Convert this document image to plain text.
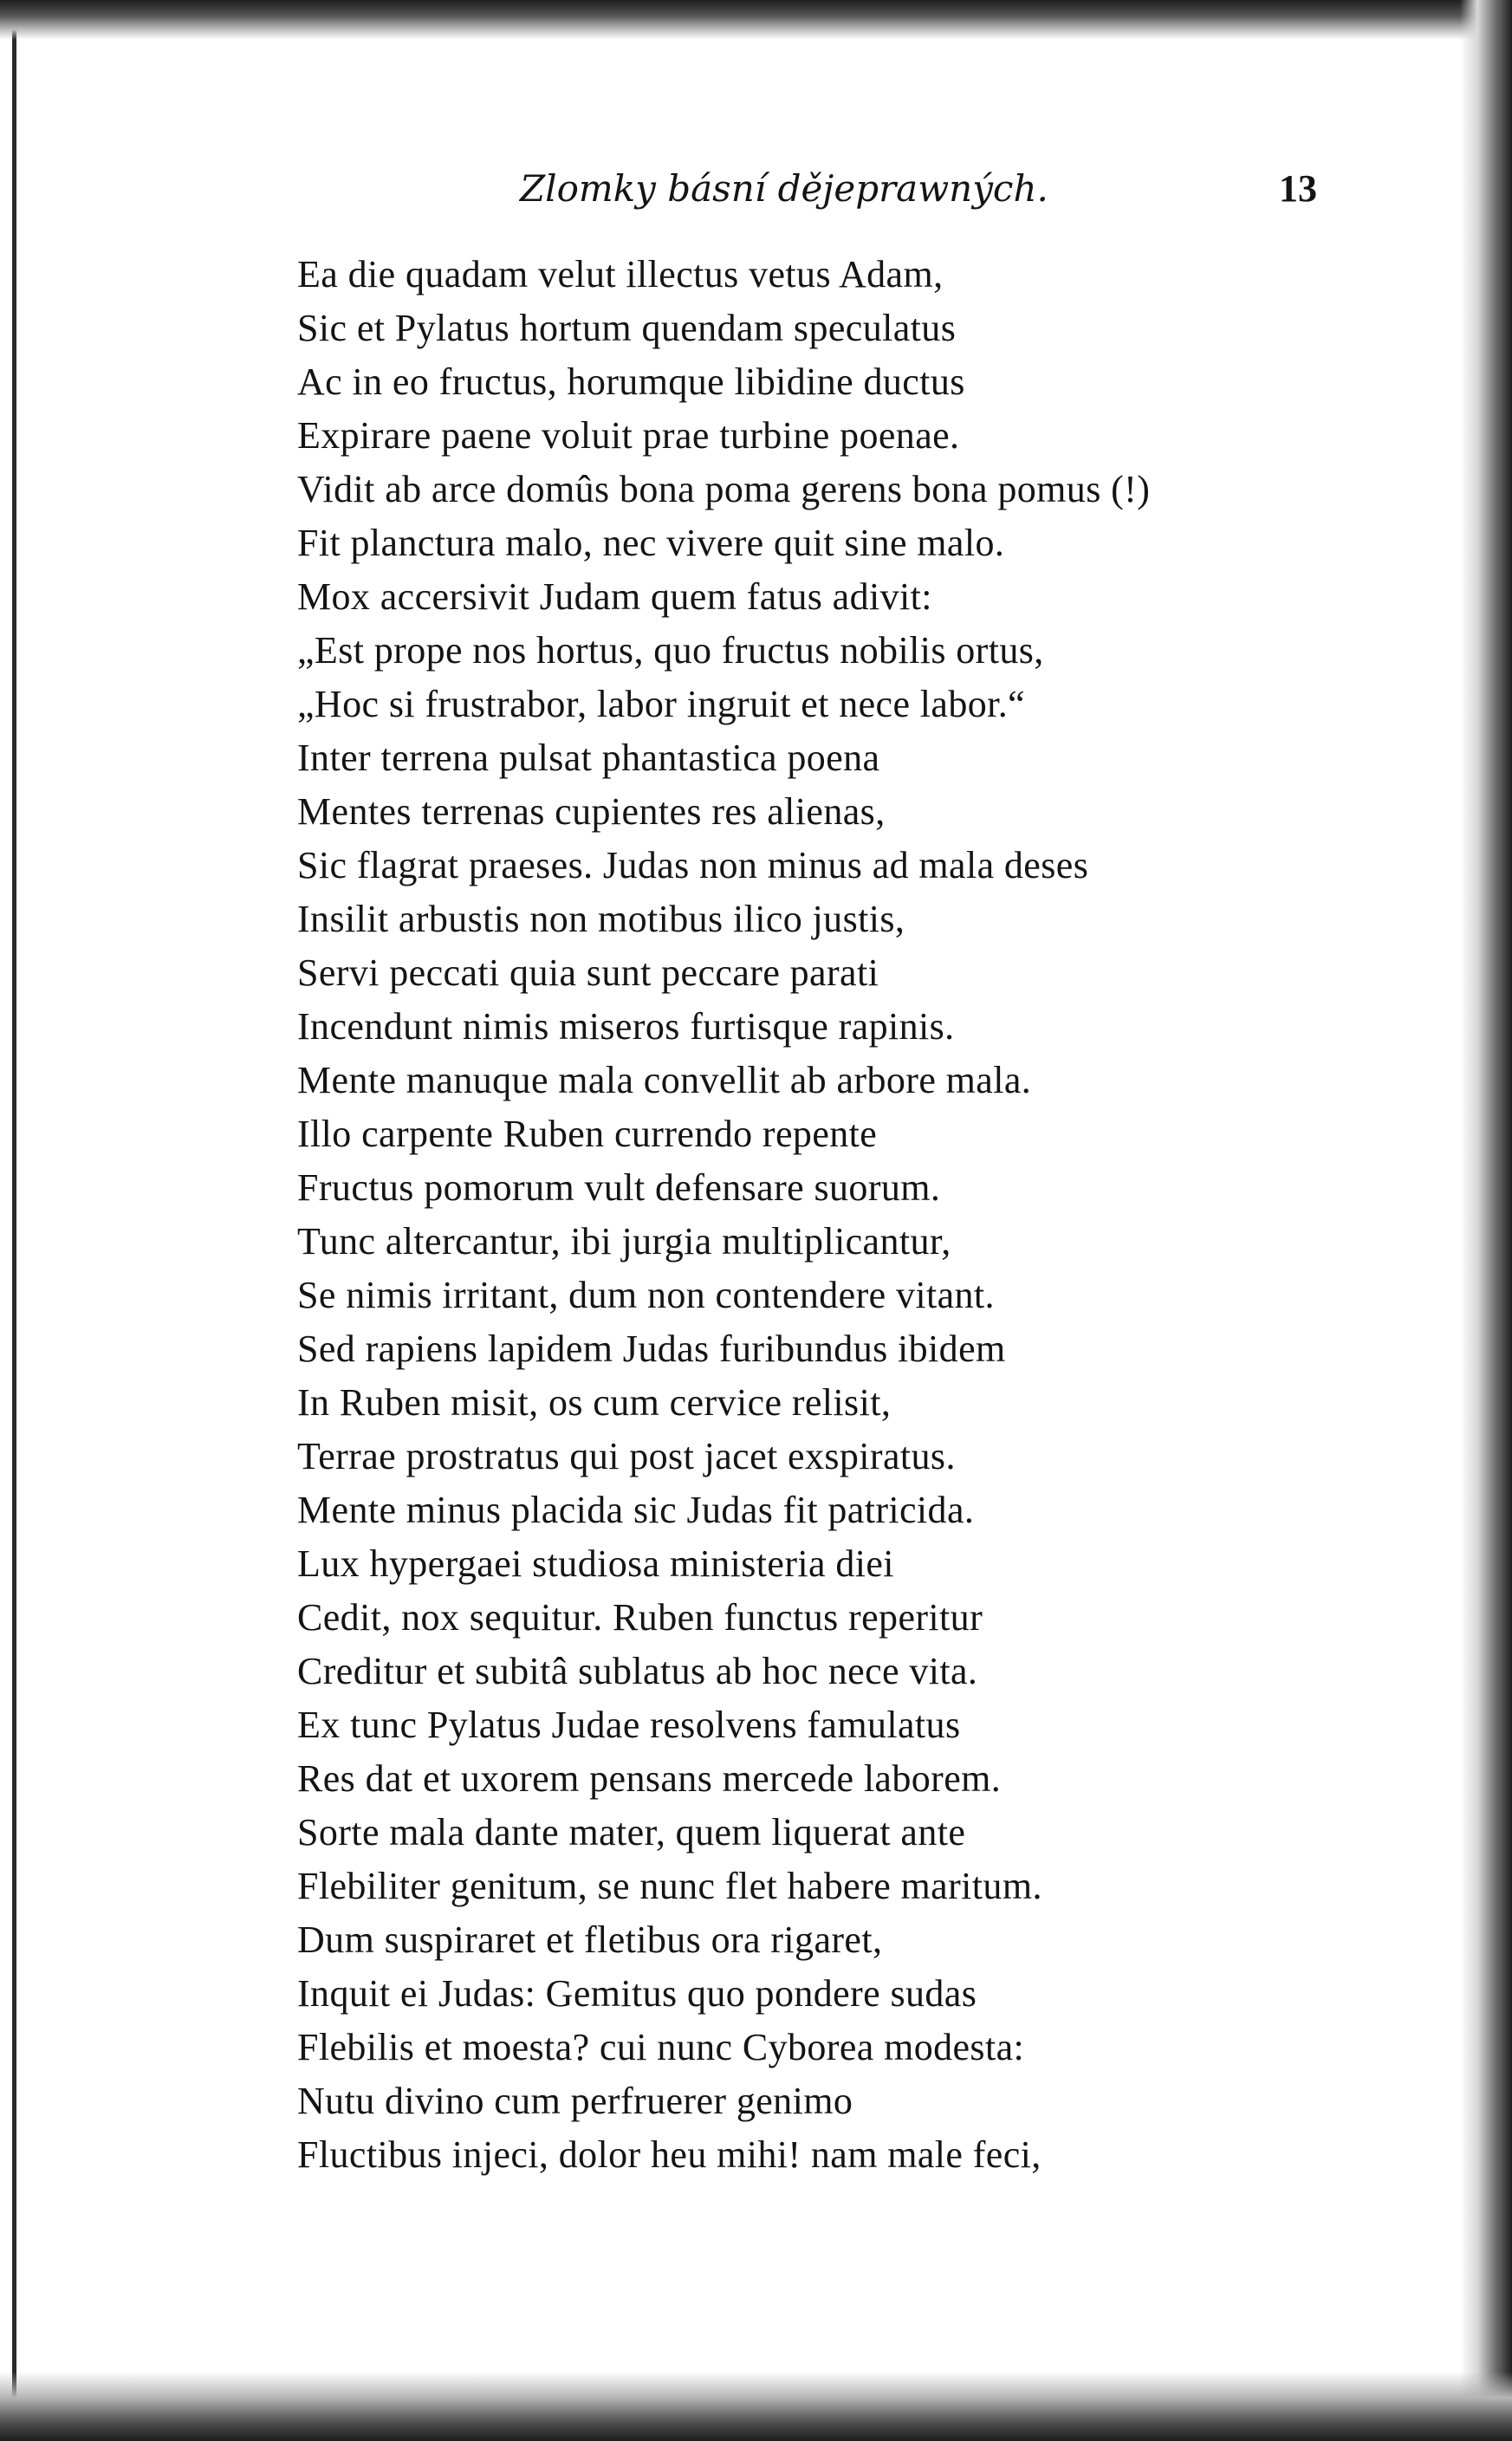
Zlomky básní dějeprawných.	13
Ea die quadam velut illectus vetus Adam,
Sic et Pylatus hortum quendam speculatus
Ac in eo fructus, horumque libidine ductus
Expirare paene voluit prae turbine poenae.
Vidit ab arce domûs bona poma gerens bona pomus (!)
Fit planctura malo, nec vivere quit sine malo.
Mox accersivit Judam quem fatus adivit:
„Est prope nos hortus, quo fructus nobilis ortus,
„Hoc si frustrabor, labor ingruit et nece labor.“
Inter terrena pulsat phantastica poena
Mentes terrenas cupientes res alienas,
Sic flagrat praeses. Judas non minus ad mala deses
Insilit arbustis non motibus ilico justis,
Servi peccati quia sunt peccare parati
Incendunt nimis miseros furtisque rapinis.
Mente manuque mala convellit ab arbore mala.
Illo carpente Ruben currendo repente
Fructus pomorum vult defensare suorum.
Tunc altercantur, ibi jurgia multiplicantur,
Se nimis irritant, dum non contendere vitant.
Sed rapiens lapidem Judas furibundus ibidem
In Ruben misit, os cum cervice relisit,
Terrae prostratus qui post jacet exspiratus.
Mente minus placida sic Judas fit patricida.
Lux hypergaei studiosa ministeria diei
Cedit, nox sequitur. Ruben functus reperitur
Creditur et subitâ sublatus ab hoc nece vita.
Ex tunc Pylatus Judae resolvens famulatus
Res dat et uxorem pensans mercede laborem.
Sorte mala dante mater, quem liquerat ante
Flebiliter genitum, se nunc flet habere maritum.
Dum suspiraret et fletibus ora rigaret,
Inquit ei Judas: Gemitus quo pondere sudas
Flebilis et moesta? cui nunc Cyborea modesta:
Nutu divino cum perfruerer genimo
Fluctibus injeci, dolor heu mihi! nam male feci,
